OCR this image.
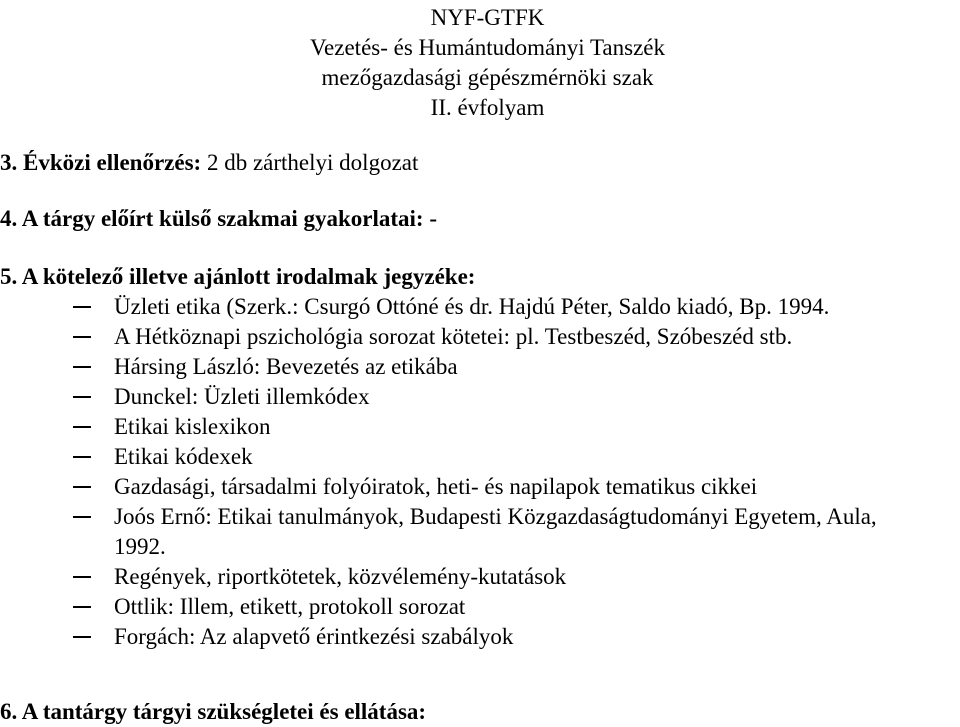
NYF-GTFK
Vezetés- és Humántudományi Tanszék
mezőgazdasági gépészmérnöki szak
II. évfolyam
3. Évközi ellenőrzés: 2 db zárthelyi dolgozat
4. A tárgy előírt külső szakmai gyakorlatai: -
5. A kötelező illetve ajánlott irodalmak jegyzéke:
Üzleti etika (Szerk.: Csurgó Ottóné és dr. Hajdú Péter, Saldo kiadó, Bp. 1994.
A Hétköznapi pszichológia sorozat kötetei: pl. Testbeszéd, Szóbeszéd stb.
Hársing László: Bevezetés az etikába
Dunckel: Üzleti illemkódex
Etikai kislexikon
Etikai kódexek
Gazdasági, társadalmi folyóiratok, heti- és napilapok tematikus cikkei
Joós Ernő: Etikai tanulmányok, Budapesti Közgazdaságtudományi Egyetem, Aula,
1992.
Regények, riportkötetek, közvélemény-kutatások
Ottlik: Illem, etikett, protokoll sorozat
Forgách: Az alapvető érintkezési szabályok
6. A tantárgy tárgyi szükségletei és ellátása:
